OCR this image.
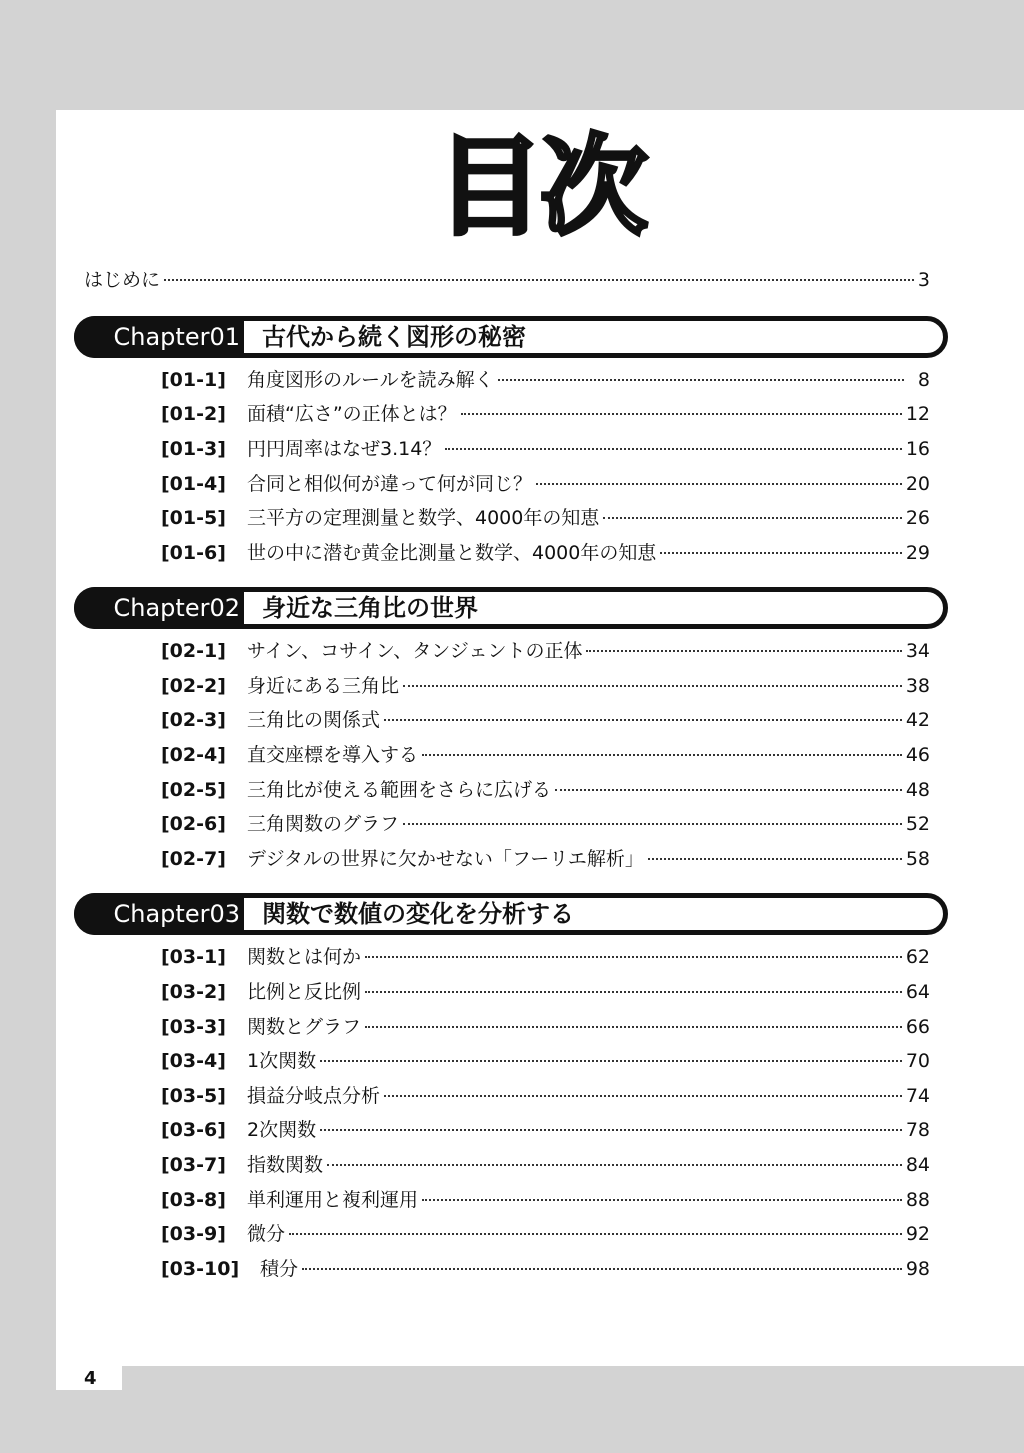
目次
はじめに	3
Chapter01 古代から続く図形の秘密
[01-1]	角度図形のルールを読み解く	8
[01-2]	面積“広さ”の正体とは？	12
[01-3]	円円周率はなぜ3.14？	16
[01-4]	合同と相似何が違って何が同じ？	20
[01-5]	三平方の定理測量と数学、4000年の知恵	26
[01-6]	世の中に潜む黄金比測量と数学、4000年の知恵	29
Chapter02 身近な三角比の世界
[02-1]	サイン、コサイン、タンジェントの正体	34
[02-2]	身近にある三角比	38
[02-3]	三角比の関係式	42
[02-4]	直交座標を導入する	46
[02-5]	三角比が使える範囲をさらに広げる	48
[02-6]	三角関数のグラフ	52
[02-7]	デジタルの世界に欠かせない「フーリエ解析」	58
Chapter03 関数で数値の変化を分析する
[03-1]	関数とは何か	62
[03-2]	比例と反比例	64
[03-3]	関数とグラフ	66
[03-4]	1次関数	70
[03-5]	損益分岐点分析	74
[03-6]	2次関数	78
[03-7]	指数関数	84
[03-8]	単利運用と複利運用	88
[03-9]	微分	92
[03-10]	積分	98
4
